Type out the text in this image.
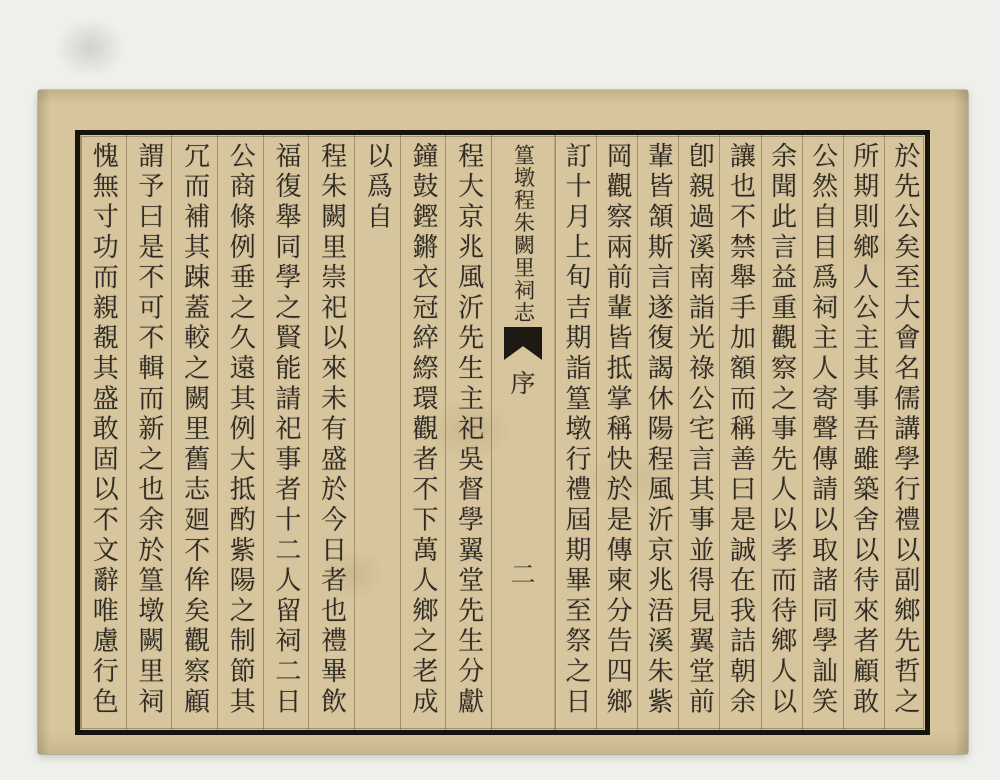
於先公矣至大會名儒講學行禮以副鄉先哲之
所期則鄉人公主其事吾雖築舍以待來者顧敢
公然自目爲祠主人寄聲傳請以取諸同學訕笑
余聞此言益重觀察之事先人以孝而待鄉人以
讓也不禁舉手加額而稱善曰是誠在我詰朝余
卽親過溪南詣光祿公宅言其事並得見翼堂前
輩皆頷斯言遂復謁休陽程風沂京兆浯溪朱紫
岡觀察兩前輩皆抵掌稱快於是傳柬分告四鄉
訂十月上旬吉期詣篁墩行禮屆期畢至祭之日
篁墩程朱闕里祠志
序
二
程大京兆風沂先生主祀吳督學翼堂先生分獻
鐘鼓鏗鏘衣冠綷縩環觀者不下萬人鄉之老成
以爲自
程朱闕里崇祀以來未有盛於今日者也禮畢飲
福復舉同學之賢能請祀事者十二人留祠二日
公商條例垂之久遠其例大抵酌紫陽之制節其
冗而補其踈蓋較之闕里舊志廻不侔矣觀察顧
謂予曰是不可不輯而新之也余於篁墩闕里祠
愧無寸功而親覩其盛敢固以不文辭唯慮行色
